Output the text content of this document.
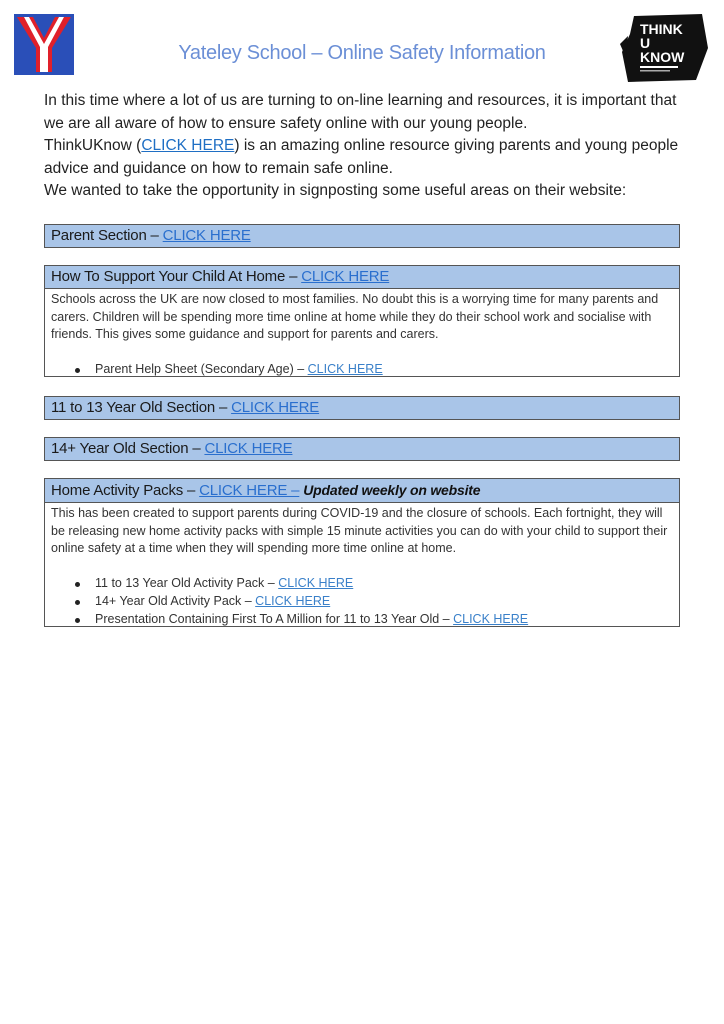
THINK
U
KNOW
Yateley School – Online Safety Information

In this time where a lot of us are turning to on-line learning and resources, it is important that we are all aware of how to ensure safety online with our young people.

ThinkUKnow (CLICK HERE) is an amazing online resource giving parents and young people advice and guidance on how to remain safe online.

We wanted to take the opportunity in signposting some useful areas on their website:

Parent Section – CLICK HERE
How To Support Your Child At Home – CLICK HERE

Schools across the UK are now closed to most families. No doubt this is a worrying time for many parents and carers. Children will be spending more time online at home while they do their school work and socialise with friends. This gives some guidance and support for parents and carers.

Parent Help Sheet (Secondary Age) – CLICK HERE
11 to 13 Year Old Section – CLICK HERE
14+ Year Old Section – CLICK HERE
Home Activity Packs – CLICK HERE – Updated weekly on website

This has been created to support parents during COVID-19 and the closure of schools. Each fortnight, they will be releasing new home activity packs with simple 15 minute activities you can do with your child to support their online safety at a time when they will spending more time online at home.

11 to 13 Year Old Activity Pack – CLICK HERE
14+ Year Old Activity Pack – CLICK HERE
Presentation Containing First To A Million for 11 to 13 Year Old – CLICK HERE
